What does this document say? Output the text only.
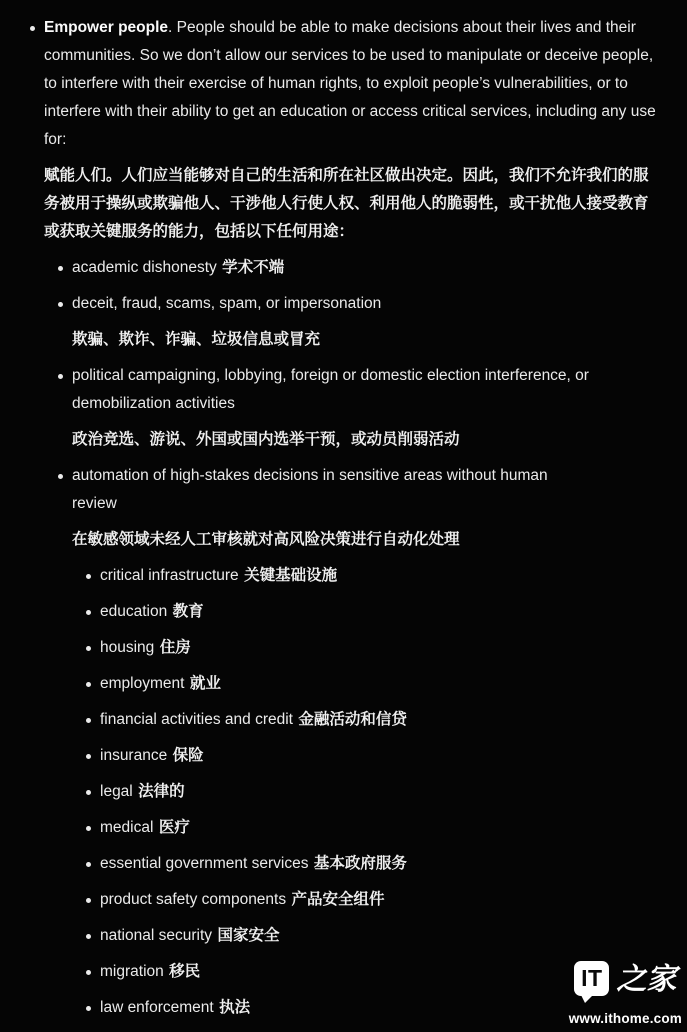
Empower people. People should be able to make decisions about their lives and their communities. So we don’t allow our services to be used to manipulate or deceive people, to interfere with their exercise of human rights, to exploit people’s vulnerabilities, or to interfere with their ability to get an education or access critical services, including any use for:

赋能人们。人们应当能够对自己的生活和所在社区做出决定。因此，我们不允许我们的服务被用于操纵或欺骗他人、干涉他人行使人权、利用他人的脆弱性，或干扰他人接受教育或获取关键服务的能力，包括以下任何用途：

academic dishonesty 学术不端

deceit, fraud, scams, spam, or impersonation

欺骗、欺诈、诈骗、垃圾信息或冒充

political campaigning, lobbying, foreign or domestic election interference, or demobilization activities

政治竞选、游说、外国或国内选举干预，或动员削弱活动

automation of high-stakes decisions in sensitive areas without human review

在敏感领域未经人工审核就对高风险决策进行自动化处理

critical infrastructure 关键基础设施

education 教育

housing 住房

employment 就业

financial activities and credit 金融活动和信贷

insurance 保险

legal 法律的

medical 医疗

essential government services 基本政府服务

product safety components 产品安全组件

national security 国家安全

migration 移民

law enforcement 执法

IT 之家
www.ithome.com
